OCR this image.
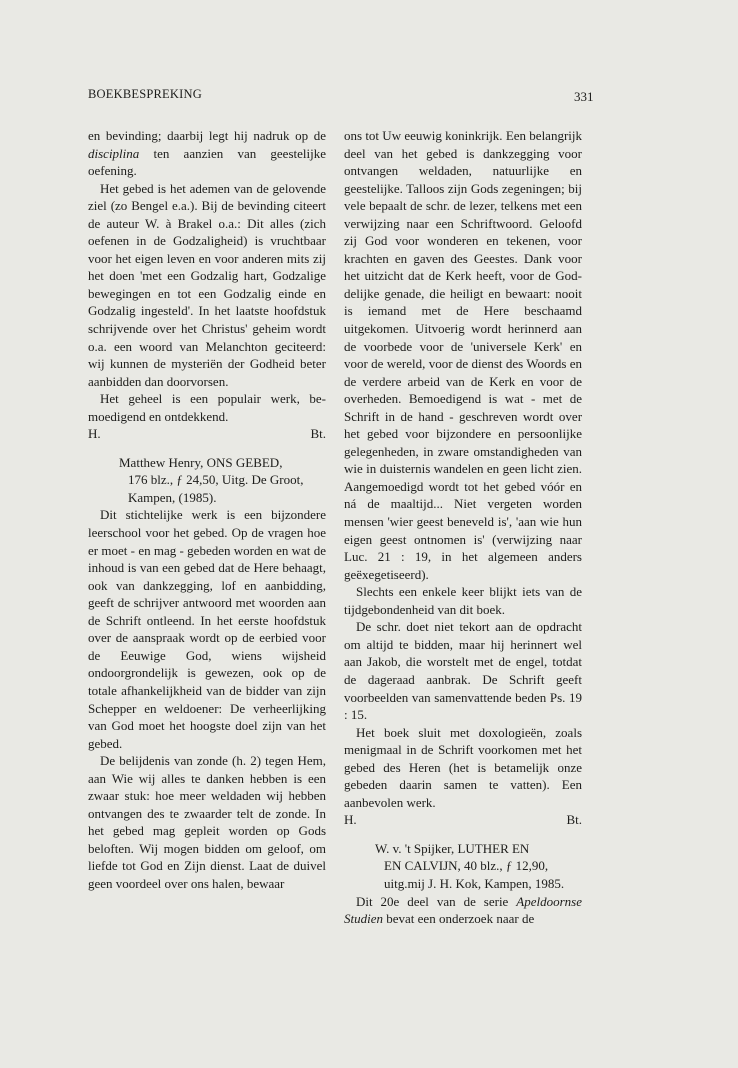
BOEKBESPREKING	331

en bevinding; daarbij legt hij nadruk op de disciplina ten aanzien van geestelijke oefening.

Het gebed is het ademen van de gelovende ziel (zo Bengel e.a.). Bij de bevinding citeert de auteur W. à Brakel o.a.: Dit alles (zich oefenen in de Godzaligheid) is vruchtbaar voor het eigen leven en voor anderen mits zij het doen 'met een Godzalig hart, Godzalige bewegingen en tot een Godzalig einde en Godzalig ingesteld'. In het laatste hoofdstuk schrijvende over het Christus' geheim wordt o.a. een woord van Melanchton geciteerd: wij kunnen de mysteriën der Godheid beter aanbidden dan doorvorsen.

Het geheel is een populair werk, bemoedigend en ontdekkend.

H.	Bt.
Matthew Henry, ONS GEBED,
176 blz., ƒ 24,50, Uitg. De Groot,
Kampen, (1985).

Dit stichtelijke werk is een bijzondere leerschool voor het gebed. Op de vragen hoe er moet - en mag - gebeden worden en wat de inhoud is van een gebed dat de Here behaagt, ook van dankzegging, lof en aanbidding, geeft de schrijver antwoord met woorden aan de Schrift ontleend. In het eerste hoofdstuk over de aanspraak wordt op de eerbied voor de Eeuwige God, wiens wijsheid ondoorgrondelijk is gewezen, ook op de totale afhankelijkheid van de bidder van zijn Schepper en weldoener: De verheerlijking van God moet het hoogste doel zijn van het gebed.

De belijdenis van zonde (h. 2) tegen Hem, aan Wie wij alles te danken hebben is een zwaar stuk: hoe meer weldaden wij hebben ontvangen des te zwaarder telt de zonde. In het gebed mag gepleit worden op Gods beloften. Wij mogen bidden om geloof, om liefde tot God en Zijn dienst. Laat de duivel geen voordeel over ons halen, bewaar

ons tot Uw eeuwig koninkrijk. Een belangrijk deel van het gebed is dankzegging voor ontvangen weldaden, natuurlijke en geestelijke. Talloos zijn Gods zegeningen; bij vele bepaalt de schr. de lezer, telkens met een verwijzing naar een Schriftwoord. Geloofd zij God voor wonderen en tekenen, voor krachten en gaven des Geestes. Dank voor het uitzicht dat de Kerk heeft, voor de Goddelijke genade, die heiligt en bewaart: nooit is iemand met de Here beschaamd uitgekomen. Uitvoerig wordt herinnerd aan de voorbede voor de 'universele Kerk' en voor de wereld, voor de dienst des Woords en de verdere arbeid van de Kerk en voor de overheden. Bemoedigend is wat - met de Schrift in de hand - geschreven wordt over het gebed voor bijzondere en persoonlijke gelegenheden, in zware omstandigheden van wie in duisternis wandelen en geen licht zien. Aangemoedigd wordt tot het gebed vóór en ná de maaltijd... Niet vergeten worden mensen 'wier geest beneveld is', 'aan wie hun eigen geest ontnomen is' (verwijzing naar Luc. 21 : 19, in het algemeen anders geëxegetiseerd).

Slechts een enkele keer blijkt iets van de tijdgebondenheid van dit boek.

De schr. doet niet tekort aan de opdracht om altijd te bidden, maar hij herinnert wel aan Jakob, die worstelt met de engel, totdat de dageraad aanbrak. De Schrift geeft voorbeelden van samenvattende beden Ps. 19 : 15.

Het boek sluit met doxologieën, zoals menigmaal in de Schrift voorkomen met het gebed des Heren (het is betamelijk onze gebeden daarin samen te vatten). Een aanbevolen werk.

H.	Bt.
W. v. 't Spijker, LUTHER EN
EN CALVIJN, 40 blz., ƒ 12,90,
uitg.mij J. H. Kok, Kampen, 1985.

Dit 20e deel van de serie Apeldoornse Studien bevat een onderzoek naar de
